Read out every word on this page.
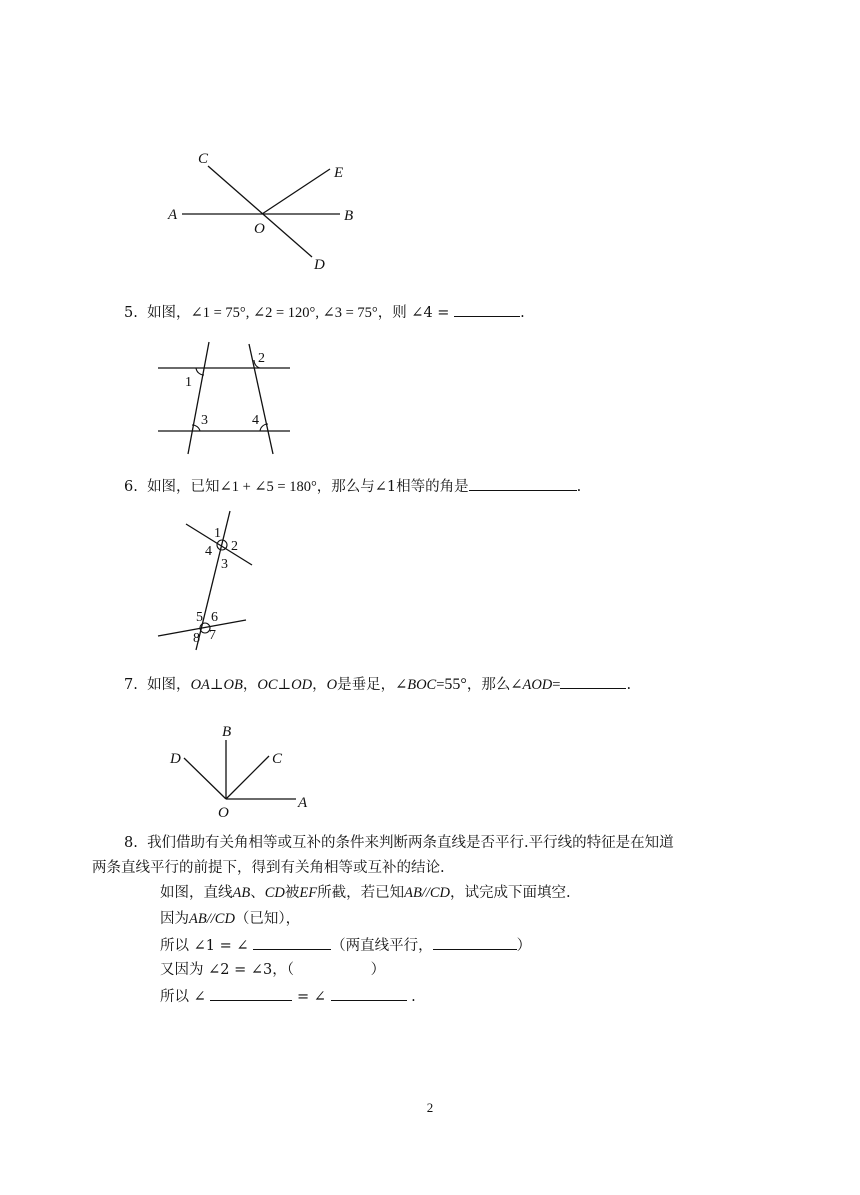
C
E
A	B
O
D
5. 如图，∠1 = 75°, ∠2 = 120°, ∠3 = 75°，则 ∠4 =	.
1
2
3	4
6. 如图，已知∠1 + ∠5 = 180°，那么与∠1相等的角是	.
1
2
4
3
5 6
8 7
7. 如图，OA⊥OB，OC⊥OD，O是垂足，∠BOC=55°，那么∠AOD=	.
B
D	C
O
A
8. 我们借助有关角相等或互补的条件来判断两条直线是否平行.平行线的特征是在知道
两条直线平行的前提下，得到有关角相等或互补的结论.
如图，直线AB、CD被EF所截，若已知AB//CD，试完成下面填空.
因为AB//CD（已知），
所以 ∠1 = ∠	（两直线平行，	）
又因为 ∠2 = ∠3，（	）
所以 ∠	= ∠	.
2
